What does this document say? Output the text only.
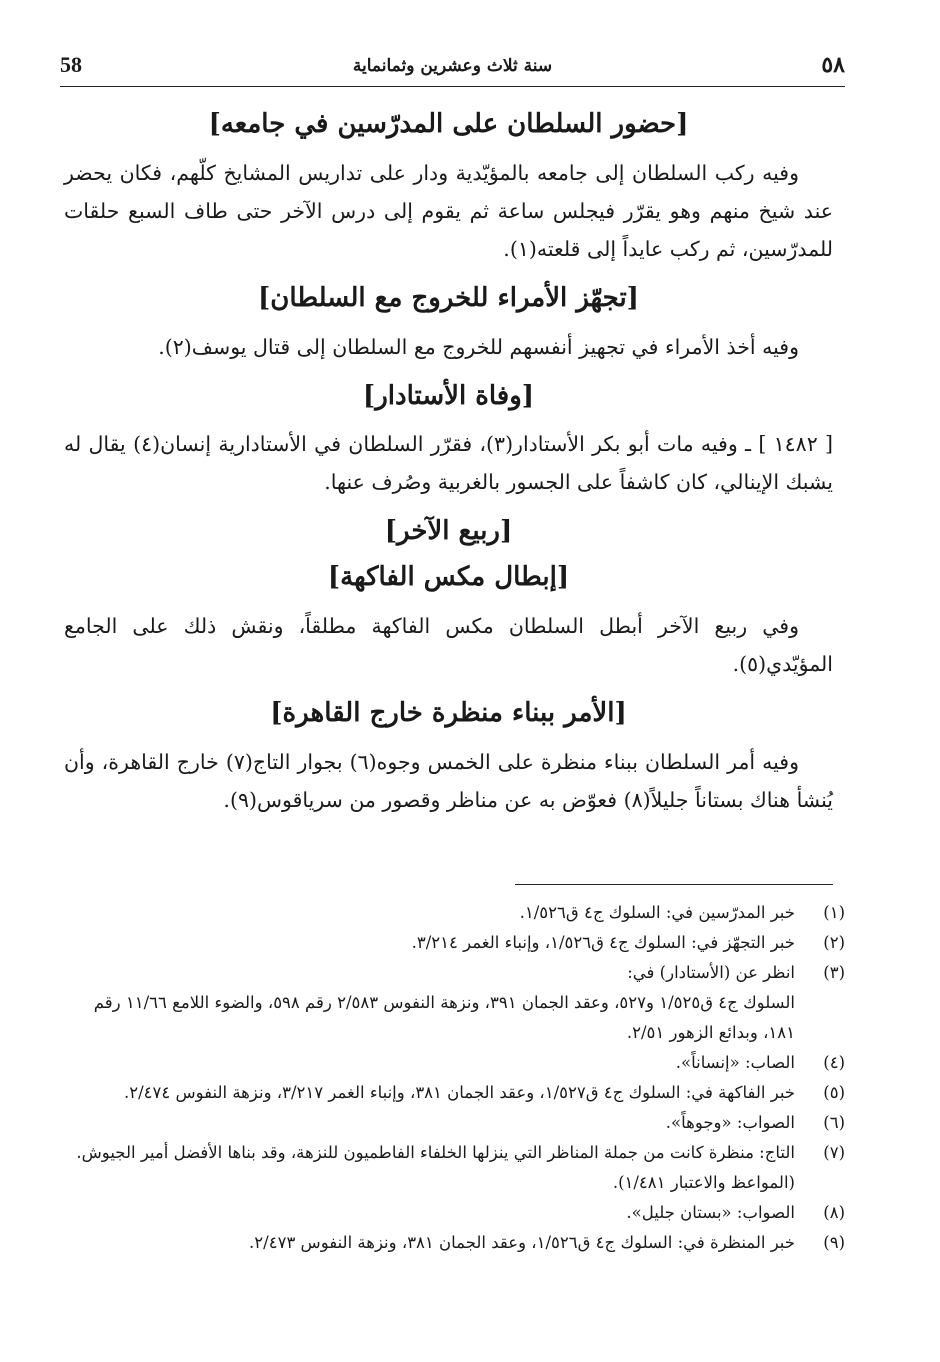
٥٨
سنة ثلاث وعشرين وثمانماية
58
[حضور السلطان على المدرّسين في جامعه]

وفيه ركب السلطان إلى جامعه بالمؤيّدية ودار على تداريس المشايخ كلّهم، فكان يحضر عند شيخ منهم وهو يقرّر فيجلس ساعة ثم يقوم إلى درس الآخر حتى طاف السبع حلقات للمدرّسين، ثم ركب عايداً إلى قلعته(١).

[تجهّز الأمراء للخروج مع السلطان]

وفيه أخذ الأمراء في تجهيز أنفسهم للخروج مع السلطان إلى قتال يوسف(٢).

[وفاة الأستادار]

[ ١٤٨٢ ] ـ وفيه مات أبو بكر الأستادار(٣)، فقرّر السلطان في الأستادارية إنسان(٤) يقال له يشبك الإينالي، كان كاشفاً على الجسور بالغربية وصُرف عنها.

[ربيع الآخر]
[إبطال مكس الفاكهة]

وفي ربيع الآخر أبطل السلطان مكس الفاكهة مطلقاً، ونقش ذلك على الجامع المؤيّدي(٥).

[الأمر ببناء منظرة خارج القاهرة]

وفيه أمر السلطان ببناء منظرة على الخمس وجوه(٦) بجوار التاج(٧) خارج القاهرة، وأن يُنشأ هناك بستاناً جليلاً(٨) فعوّض به عن مناظر وقصور من سرياقوس(٩).

(١)
خبر المدرّسين في: السلوك ج٤ ق١/٥٢٦.

(٢)
خبر التجهّز في: السلوك ج٤ ق١/٥٢٦، وإنباء الغمر ٣/٢١٤.

(٣)
انظر عن (الأستادار) في:

السلوك ج٤ ق١/٥٢٥ و٥٢٧، وعقد الجمان ٣٩١، ونزهة النفوس ٢/٥٨٣ رقم ٥٩٨، والضوء اللامع ١١/٦٦ رقم ١٨١، وبدائع الزهور ٢/٥١.

(٤)
الصاب: «إنساناً».

(٥)
خبر الفاكهة في: السلوك ج٤ ق١/٥٢٧، وعقد الجمان ٣٨١، وإنباء الغمر ٣/٢١٧، ونزهة النفوس ٢/٤٧٤.

(٦)
الصواب: «وجوهاً».

(٧)
التاج: منظرة كانت من جملة المناظر التي ينزلها الخلفاء الفاطميون للنزهة، وقد بناها الأفضل أمير الجيوش. (المواعظ والاعتبار ١/٤٨١).

(٨)
الصواب: «بستان جليل».

(٩)
خبر المنظرة في: السلوك ج٤ ق١/٥٢٦، وعقد الجمان ٣٨١، ونزهة النفوس ٢/٤٧٣.
